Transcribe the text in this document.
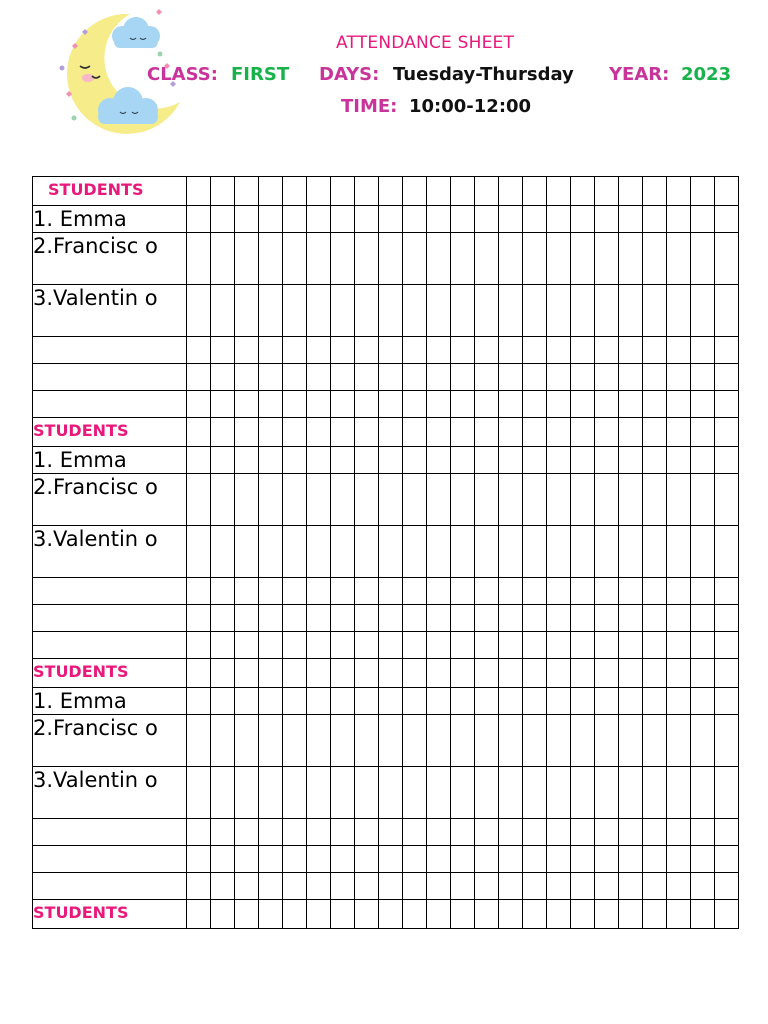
ATTENDANCE SHEET
CLASS: FIRST DAYS: Tuesday-Thursday YEAR: 2023
TIME: 10:00-12:00
STUDENTS																							
1. Emma																							
2.Francisc o																							
3.Valentin o																							

STUDENTS																							
1. Emma																							
2.Francisc o																							
3.Valentin o																							

STUDENTS																							
1. Emma																							
2.Francisc o																							
3.Valentin o																							

STUDENTS																							
